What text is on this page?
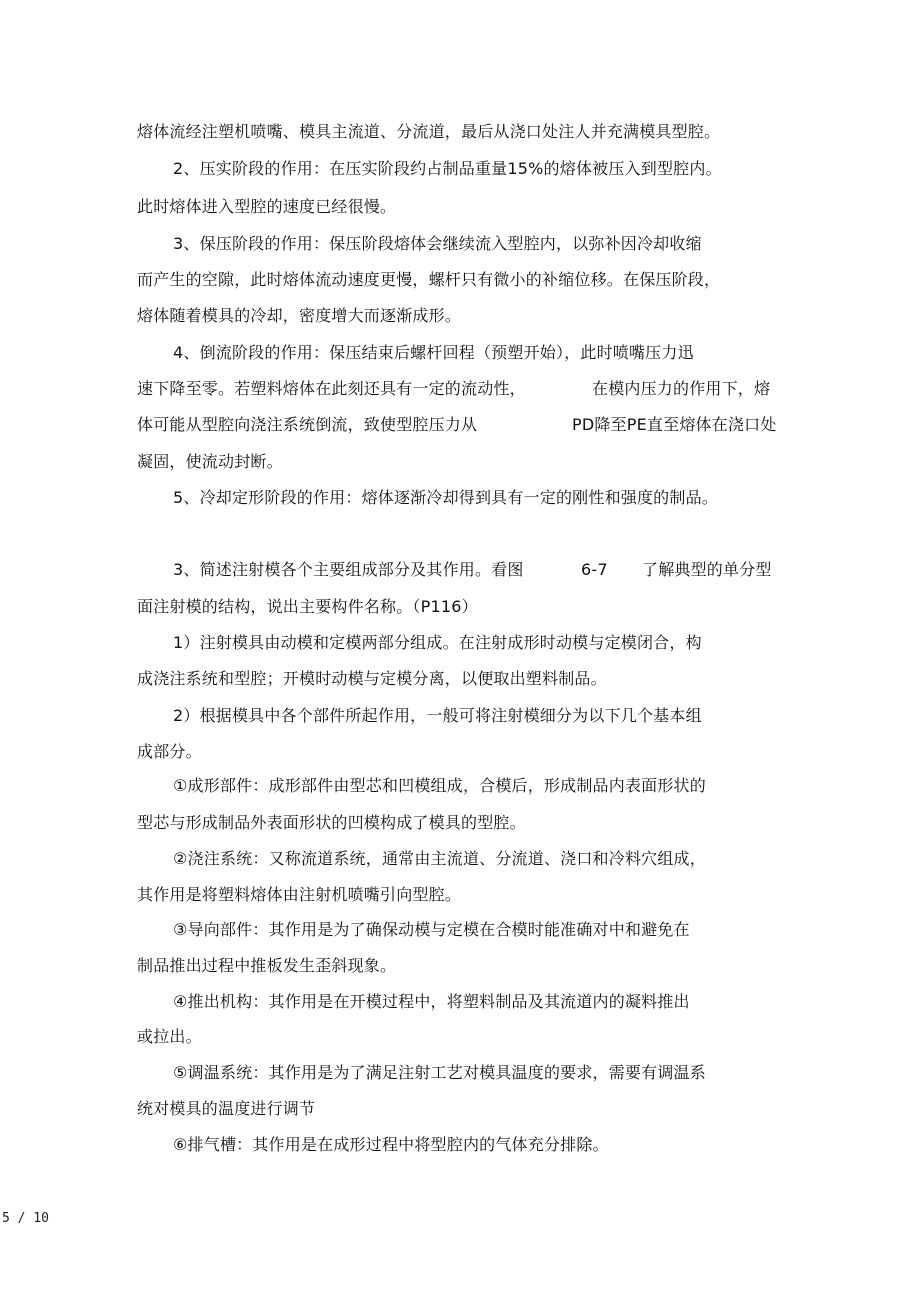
熔体流经注塑机喷嘴、模具主流道、分流道，最后从浇口处注人并充满模具型腔。
2、压实阶段的作用：在压实阶段约占制品重量15%的熔体被压入到型腔内。
此时熔体进入型腔的速度已经很慢。
3、保压阶段的作用：保压阶段熔体会继续流入型腔内，以弥补因冷却收缩
而产生的空隙，此时熔体流动速度更慢，螺杆只有微小的补缩位移。在保压阶段，
熔体随着模具的冷却，密度增大而逐渐成形。
4、倒流阶段的作用：保压结束后螺杆回程（预塑开始），此时喷嘴压力迅
速下降至零。若塑料熔体在此刻还具有一定的流动性，	在模内压力的作用下，熔
体可能从型腔向浇注系统倒流，致使型腔压力从	PD降至PE直至熔体在浇口处
凝固，使流动封断。
5、冷却定形阶段的作用：熔体逐渐冷却得到具有一定的刚性和强度的制品。
3、简述注射模各个主要组成部分及其作用。看图	6-7 了解典型的单分型
面注射模的结构，说出主要构件名称。（P116）
1）注射模具由动模和定模两部分组成。在注射成形时动模与定模闭合，构
成浇注系统和型腔；开模时动模与定模分离，以便取出塑料制品。
2）根据模具中各个部件所起作用，一般可将注射模细分为以下几个基本组
成部分。
①成形部件：成形部件由型芯和凹模组成，合模后，形成制品内表面形状的
型芯与形成制品外表面形状的凹模构成了模具的型腔。
②浇注系统：又称流道系统，通常由主流道、分流道、浇口和冷料穴组成，
其作用是将塑料熔体由注射机喷嘴引向型腔。
③导向部件：其作用是为了确保动模与定模在合模时能准确对中和避免在
制品推出过程中推板发生歪斜现象。
④推出机构：其作用是在开模过程中，将塑料制品及其流道内的凝料推出
或拉出。
⑤调温系统：其作用是为了满足注射工艺对模具温度的要求，需要有调温系
统对模具的温度进行调节
⑥排气槽：其作用是在成形过程中将型腔内的气体充分排除。
5 / 10
